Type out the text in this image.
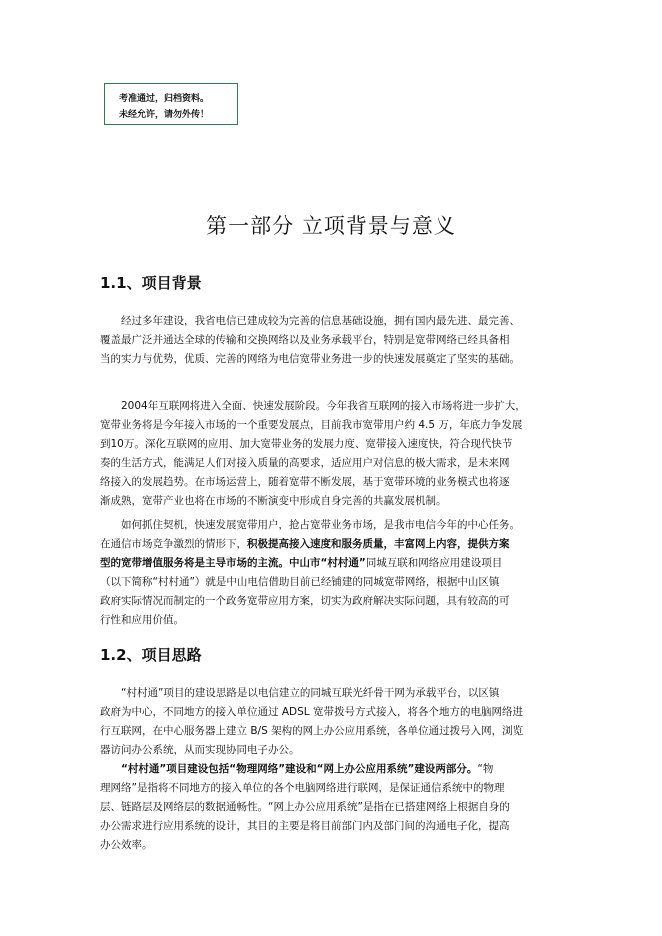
考准通过，归档资料。
未经允许，请勿外传！
第一部分 立项背景与意义
1.1、项目背景
　　经过多年建设，我省电信已建成较为完善的信息基础设施，拥有国内最先进、最完善、
覆盖最广泛并通达全球的传输和交换网络以及业务承载平台，特别是宽带网络已经具备相
当的实力与优势，优质、完善的网络为电信宽带业务进一步的快速发展奠定了坚实的基础。
　　2004年互联网将进入全面、快速发展阶段。今年我省互联网的接入市场将进一步扩大，
宽带业务将是今年接入市场的一个重要发展点，目前我市宽带用户约 4.5 万，年底力争发展
到10万。深化互联网的应用、加大宽带业务的发展力度、宽带接入速度快，符合现代快节
奏的生活方式，能满足人们对接入质量的高要求，适应用户对信息的极大需求，是未来网
络接入的发展趋势。在市场运营上，随着宽带不断发展，基于宽带环境的业务模式也将逐
渐成熟，宽带产业也将在市场的不断演变中形成自身完善的共赢发展机制。
　　如何抓住契机，快速发展宽带用户，抢占宽带业务市场，是我市电信今年的中心任务。
在通信市场竞争激烈的情形下，积极提高接入速度和服务质量，丰富网上内容，提供方案
型的宽带增值服务将是主导市场的主流。中山市“村村通”同城互联和网络应用建设项目
（以下简称“村村通”）就是中山电信借助目前已经铺建的同城宽带网络，根据中山区镇
政府实际情况而制定的一个政务宽带应用方案，切实为政府解决实际问题，具有较高的可
行性和应用价值。
1.2、项目思路
　　“村村通”项目的建设思路是以电信建立的同城互联光纤骨干网为承载平台，以区镇
政府为中心，不同地方的接入单位通过 ADSL 宽带拨号方式接入，将各个地方的电脑网络进
行互联网，在中心服务器上建立 B/S 架构的网上办公应用系统，各单位通过拨号入网，浏览
器访问办公系统，从而实现协同电子办公。
　　“村村通”项目建设包括“物理网络”建设和“网上办公应用系统”建设两部分。“物
理网络”是指将不同地方的接入单位的各个电脑网络进行联网，是保证通信系统中的物理
层、链路层及网络层的数据通畅性。“网上办公应用系统”是指在已搭建网络上根据自身的
办公需求进行应用系统的设计，其目的主要是将目前部门内及部门间的沟通电子化，提高
办公效率。
